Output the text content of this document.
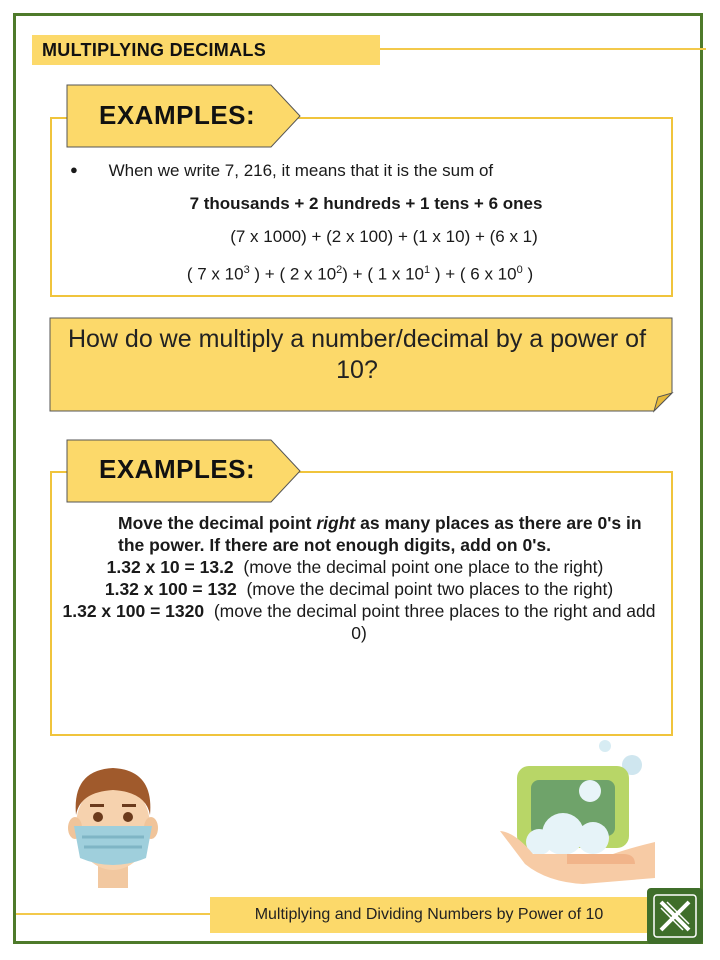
MULTIPLYING DECIMALS
EXAMPLES:
● When we write 7, 216, it means that it is the sum of
7 thousands + 2 hundreds + 1 tens + 6 ones
(7 x 1000) + (2 x 100) + (1 x 10) + (6 x 1)
( 7 x $10^3$ ) + ( 2 x $10^2$) + ( 1 x $10^1$ ) + ( 6 x $10^0$ )
How do we multiply a number/decimal by a power of 10?
EXAMPLES:
Move the decimal point right as many places as there are 0's in the power. If there are not enough digits, add on 0's.
1.32 x 10 = 13.2 (move the decimal point one place to the right)
1.32 x 100 = 132 (move the decimal point two places to the right)
1.32 x 100 = 1320 (move the decimal point three places to the right and add 0)
Multiplying and Dividing Numbers by Power of 10
